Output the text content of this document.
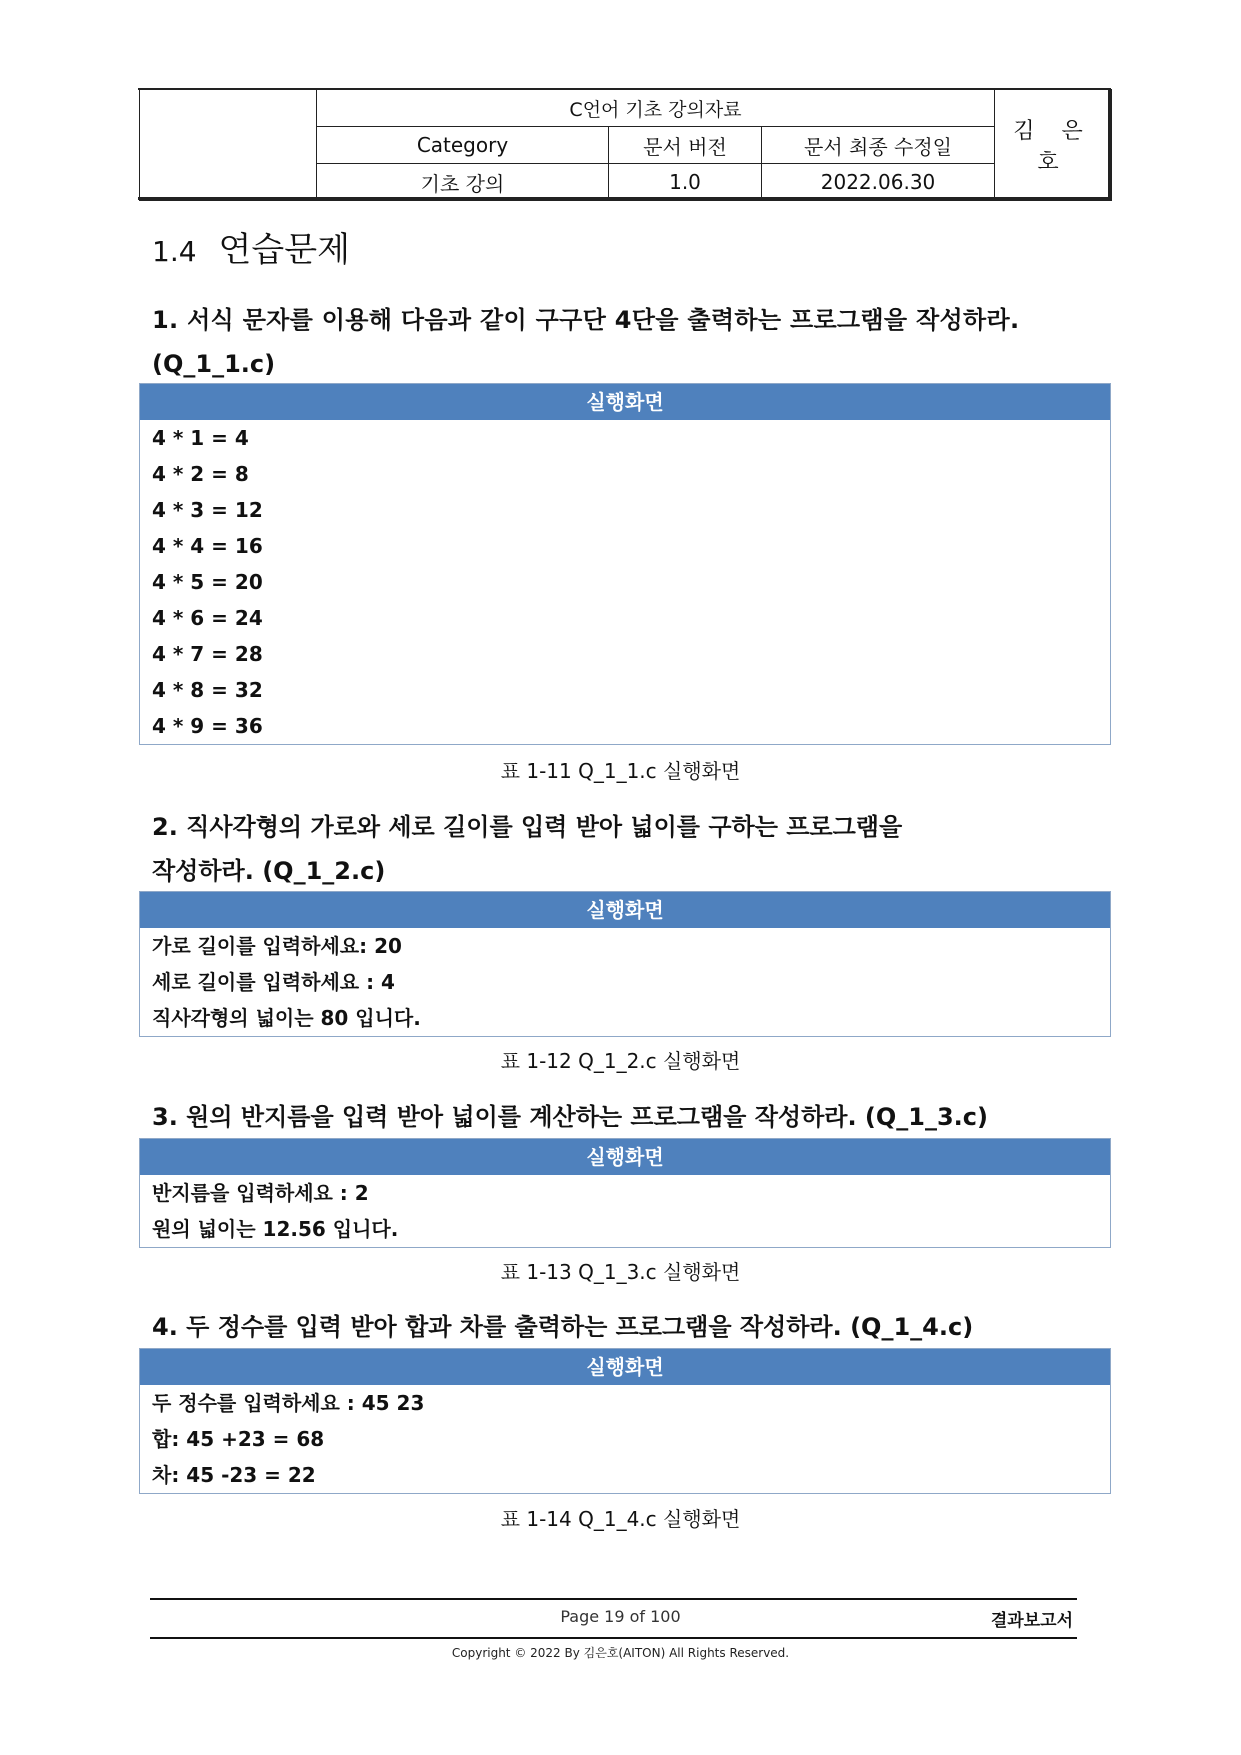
	C언어 기초 강의자료			김 은 호
	Category	문서 버전	문서 최종 수정일	
	기초 강의	1.0	2022.06.30	
1.4 연습문제
1. 서식 문자를 이용해 다음과 같이 구구단 4단을 출력하는 프로그램을 작성하라.
(Q_1_1.c)
실행화면
4 * 1 = 4
4 * 2 = 8
4 * 3 = 12
4 * 4 = 16
4 * 5 = 20
4 * 6 = 24
4 * 7 = 28
4 * 8 = 32
4 * 9 = 36
표 1-11 Q_1_1.c 실행화면
2. 직사각형의 가로와 세로 길이를 입력 받아 넓이를 구하는 프로그램을
작성하라. (Q_1_2.c)
실행화면
가로 길이를 입력하세요: 20
세로 길이를 입력하세요 : 4
직사각형의 넓이는 80 입니다.
표 1-12 Q_1_2.c 실행화면
3. 원의 반지름을 입력 받아 넓이를 계산하는 프로그램을 작성하라. (Q_1_3.c)
실행화면
반지름을 입력하세요 : 2
원의 넓이는 12.56 입니다.
표 1-13 Q_1_3.c 실행화면
4. 두 정수를 입력 받아 합과 차를 출력하는 프로그램을 작성하라. (Q_1_4.c)
실행화면
두 정수를 입력하세요 : 45 23
합: 45 +23 = 68
차: 45 -23 = 22
표 1-14 Q_1_4.c 실행화면
Page 19 of 100	결과보고서
Copyright © 2022 By 김은호(AITON) All Rights Reserved.
